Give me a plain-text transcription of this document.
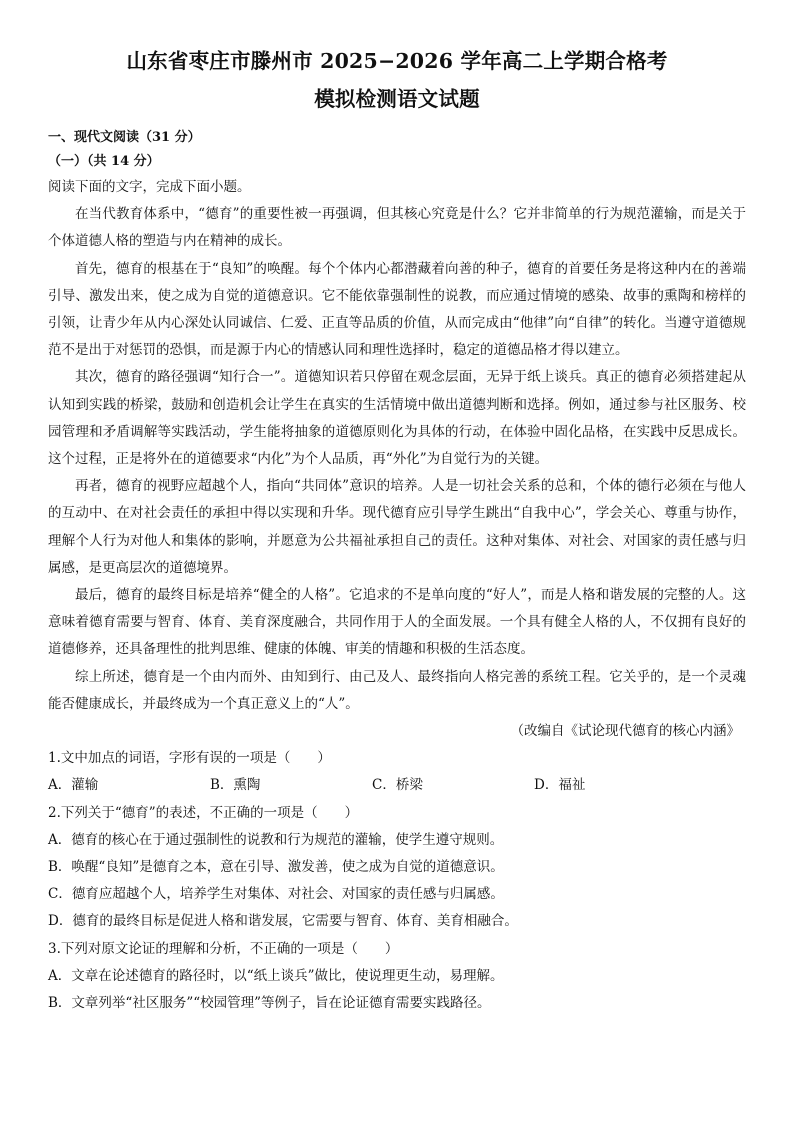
山东省枣庄市滕州市 2025−2026 学年高二上学期合格考
模拟检测语文试题
一、现代文阅读（31 分）
（一）（共 14 分）
阅读下面的文字，完成下面小题。
在当代教育体系中，“德育”的重要性被一再强调，但其核心究竟是什么？它并非简单的行为规范灌输，而是关于个体道德人格的塑造与内在精神的成长。
首先，德育的根基在于“良知”的唤醒。每个个体内心都潜藏着向善的种子，德育的首要任务是将这种内在的善端引导、激发出来，使之成为自觉的道德意识。它不能依靠强制性的说教，而应通过情境的感染、故事的熏陶和榜样的引领，让青少年从内心深处认同诚信、仁爱、正直等品质的价值，从而完成由“他律”向“自律”的转化。当遵守道德规范不是出于对惩罚的恐惧，而是源于内心的情感认同和理性选择时，稳定的道德品格才得以建立。
其次，德育的路径强调“知行合一”。道德知识若只停留在观念层面，无异于纸上谈兵。真正的德育必须搭建起从认知到实践的桥梁，鼓励和创造机会让学生在真实的生活情境中做出道德判断和选择。例如，通过参与社区服务、校园管理和矛盾调解等实践活动，学生能将抽象的道德原则化为具体的行动，在体验中固化品格，在实践中反思成长。这个过程，正是将外在的道德要求“内化”为个人品质，再“外化”为自觉行为的关键。
再者，德育的视野应超越个人，指向“共同体”意识的培养。人是一切社会关系的总和，个体的德行必须在与他人的互动中、在对社会责任的承担中得以实现和升华。现代德育应引导学生跳出“自我中心”，学会关心、尊重与协作，理解个人行为对他人和集体的影响，并愿意为公共福祉承担自己的责任。这种对集体、对社会、对国家的责任感与归属感，是更高层次的道德境界。
最后，德育的最终目标是培养“健全的人格”。它追求的不是单向度的“好人”，而是人格和谐发展的完整的人。这意味着德育需要与智育、体育、美育深度融合，共同作用于人的全面发展。一个具有健全人格的人，不仅拥有良好的道德修养，还具备理性的批判思维、健康的体魄、审美的情趣和积极的生活态度。
综上所述，德育是一个由内而外、由知到行、由己及人、最终指向人格完善的系统工程。它关乎的，是一个灵魂能否健康成长，并最终成为一个真正意义上的“人”。
（改编自《试论现代德育的核心内涵》
1.文中加点的词语，字形有误的一项是（　　）
A．灌输	B．熏陶	C．桥梁	D．福祉
2.下列关于“德育”的表述，不正确的一项是（　　）
A．德育的核心在于通过强制性的说教和行为规范的灌输，使学生遵守规则。
B．唤醒“良知”是德育之本，意在引导、激发善，使之成为自觉的道德意识。
C．德育应超越个人，培养学生对集体、对社会、对国家的责任感与归属感。
D．德育的最终目标是促进人格和谐发展，它需要与智育、体育、美育相融合。
3.下列对原文论证的理解和分析，不正确的一项是（　　）
A．文章在论述德育的路径时，以“纸上谈兵”做比，使说理更生动，易理解。
B．文章列举“社区服务”“校园管理”等例子，旨在论证德育需要实践路径。
